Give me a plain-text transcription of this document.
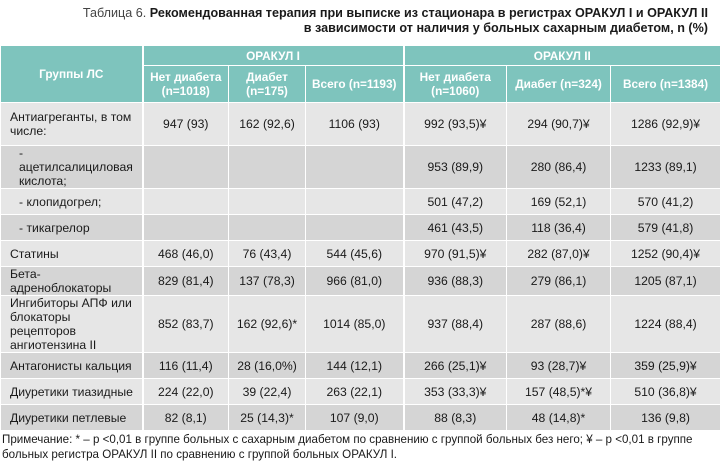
Таблица 6. Рекомендованная терапия при выписке из стационара в регистрах ОРАКУЛ I и ОРАКУЛ II
в зависимости от наличия у больных сахарным диабетом, n (%)
Группы ЛС	ОРАКУЛ I			ОРАКУЛ II		
	Нет диабета (n=1018)	Диабет (n=175)	Всего (n=1193)	Нет диабета (n=1060)	Диабет (n=324)	Всего (n=1384)
Антиагреганты, в том числе:	947 (93)	162 (92,6)	1106 (93)	992 (93,5)¥	294 (90,7)¥	1286 (92,9)¥
- ацетилсалициловая кислота;				953 (89,9)	280 (86,4)	1233 (89,1)
- клопидогрел;				501 (47,2)	169 (52,1)	570 (41,2)
- тикагрелор				461 (43,5)	118 (36,4)	579 (41,8)
Статины	468 (46,0)	76 (43,4)	544 (45,6)	970 (91,5)¥	282 (87,0)¥	1252 (90,4)¥
Бета-адреноблокаторы	829 (81,4)	137 (78,3)	966 (81,0)	936 (88,3)	279 (86,1)	1205 (87,1)
Ингибиторы АПФ или блокаторы рецепторов ангиотензина II	852 (83,7)	162 (92,6)*	1014 (85,0)	937 (88,4)	287 (88,6)	1224 (88,4)
Антагонисты кальция	116 (11,4)	28 (16,0%)	144 (12,1)	266 (25,1)¥	93 (28,7)¥	359 (25,9)¥
Диуретики тиазидные	224 (22,0)	39 (22,4)	263 (22,1)	353 (33,3)¥	157 (48,5)*¥	510 (36,8)¥
Диуретики петлевые	82 (8,1)	25 (14,3)*	107 (9,0)	88 (8,3)	48 (14,8)*	136 (9,8)
Примечание: * – p <0,01 в группе больных с сахарным диабетом по сравнению с группой больных без него; ¥ – p <0,01 в группе больных регистра ОРАКУЛ II по сравнению с группой больных ОРАКУЛ I.
